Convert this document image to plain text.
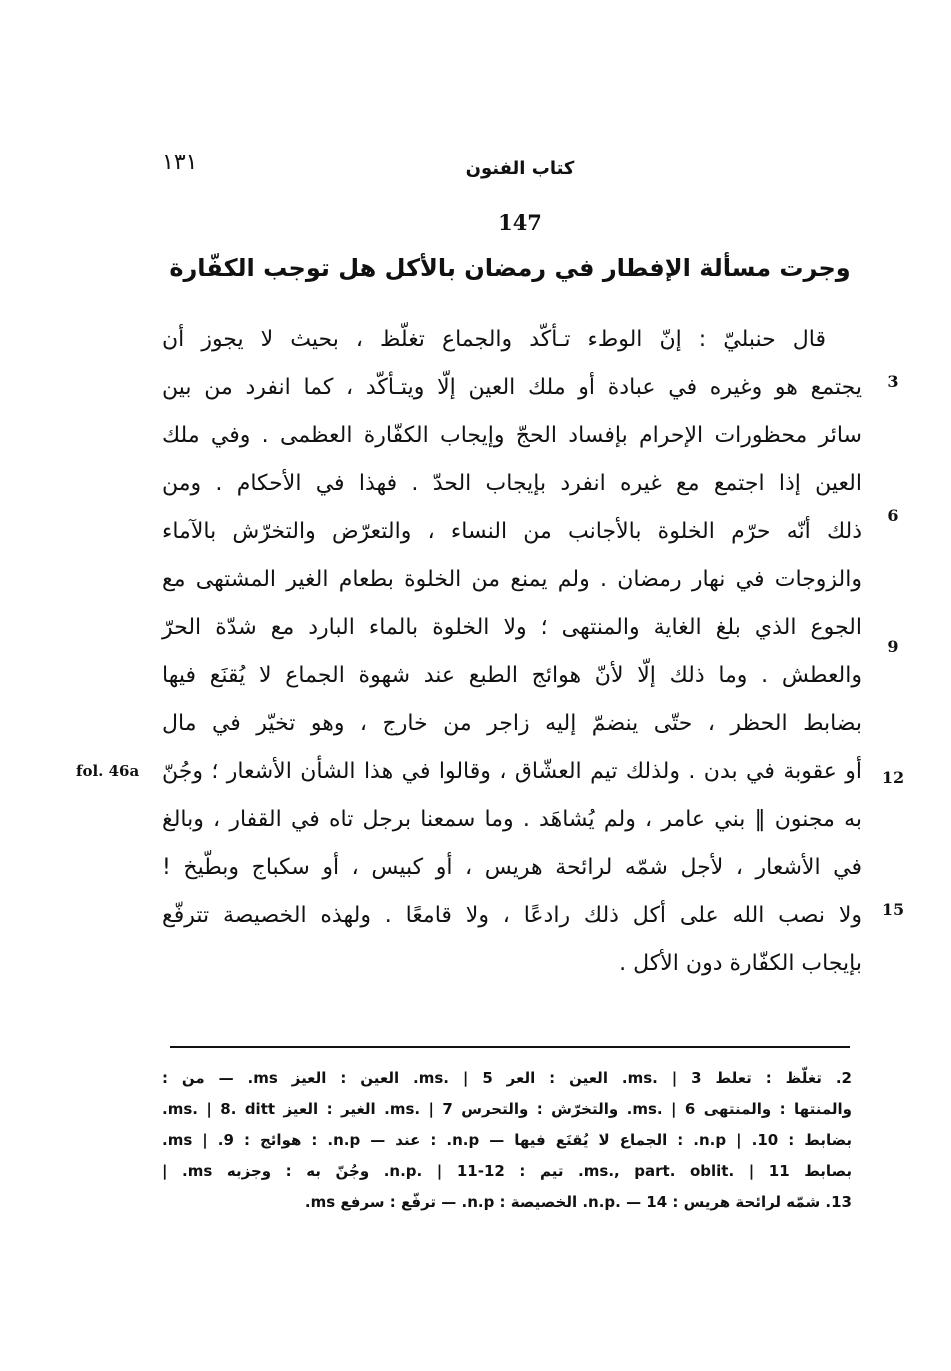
١٣١	كتاب الفنون
147
وجرت مسألة الإفطار في رمضان بالأكل هل توجب الكفّارة
قال حنبليّ : إنّ الوطء تـأكّد والجماع تغلّظ ، بحيث لا يجوز أن
يجتمع هو وغيره في عبادة أو ملك العين إلّا ويتـأكّد ، كما انفرد من بين
سائر محظورات الإحرام بإفساد الحجّ وإيجاب الكفّارة العظمى . وفي ملك
العين إذا اجتمع مع غيره انفرد بإيجاب الحدّ . فهذا في الأحكام . ومن
ذلك أنّه حرّم الخلوة بالأجانب من النساء ، والتعرّض والتخرّش بالآماء
والزوجات في نهار رمضان . ولم يمنع من الخلوة بطعام الغير المشتهى مع
الجوع الذي بلغ الغاية والمنتهى ؛ ولا الخلوة بالماء البارد مع شدّة الحرّ
والعطش . وما ذلك إلّا لأنّ هوائج الطبع عند شهوة الجماع لا يُقنَع فيها
بضابط الحظر ، حتّى ينضمّ إليه زاجر من خارج ، وهو تخيّر في مال
أو عقوبة في بدن . ولذلك تيم العشّاق ، وقالوا في هذا الشأن الأشعار ؛ وجُنّ
به مجنون ‖ بني عامر ، ولم يُشاهَد . وما سمعنا برجل تاه في القفار ، وبالغ
في الأشعار ، لأجل شمّه لرائحة هريس ، أو كبيس ، أو سكباج وبطّيخ !
ولا نصب الله على أكل ذلك رادعًا ، ولا قامعًا . ولهذه الخصيصة تترفّع
بإيجاب الكفّارة دون الأكل .
3
6
9
12
15
fol. 46a
2. تغلّظ : تعلط ms. | 3. العين : العر ms. | 5. العين : العيز ms. — من :
والمنتها : والمنتهى ms. | 6. والتخرّش : والتحرس ms. | 7. الغير : العيز ms. | 8. ditt.
بضابط : 10. | n.p. : الجماع لا يُقنَع فيها — n.p. : عند — n.p. : هوائج : 9. | ms.
بصابط ms., part. oblit. | 11. تيم : n.p. | 11-12. وجُنّ به : وجزبه ms. |
13. شمّه لرائحة هريس : n.p. — 14. الخصيصة : n.p. — ترفّع : سرفع ms.
